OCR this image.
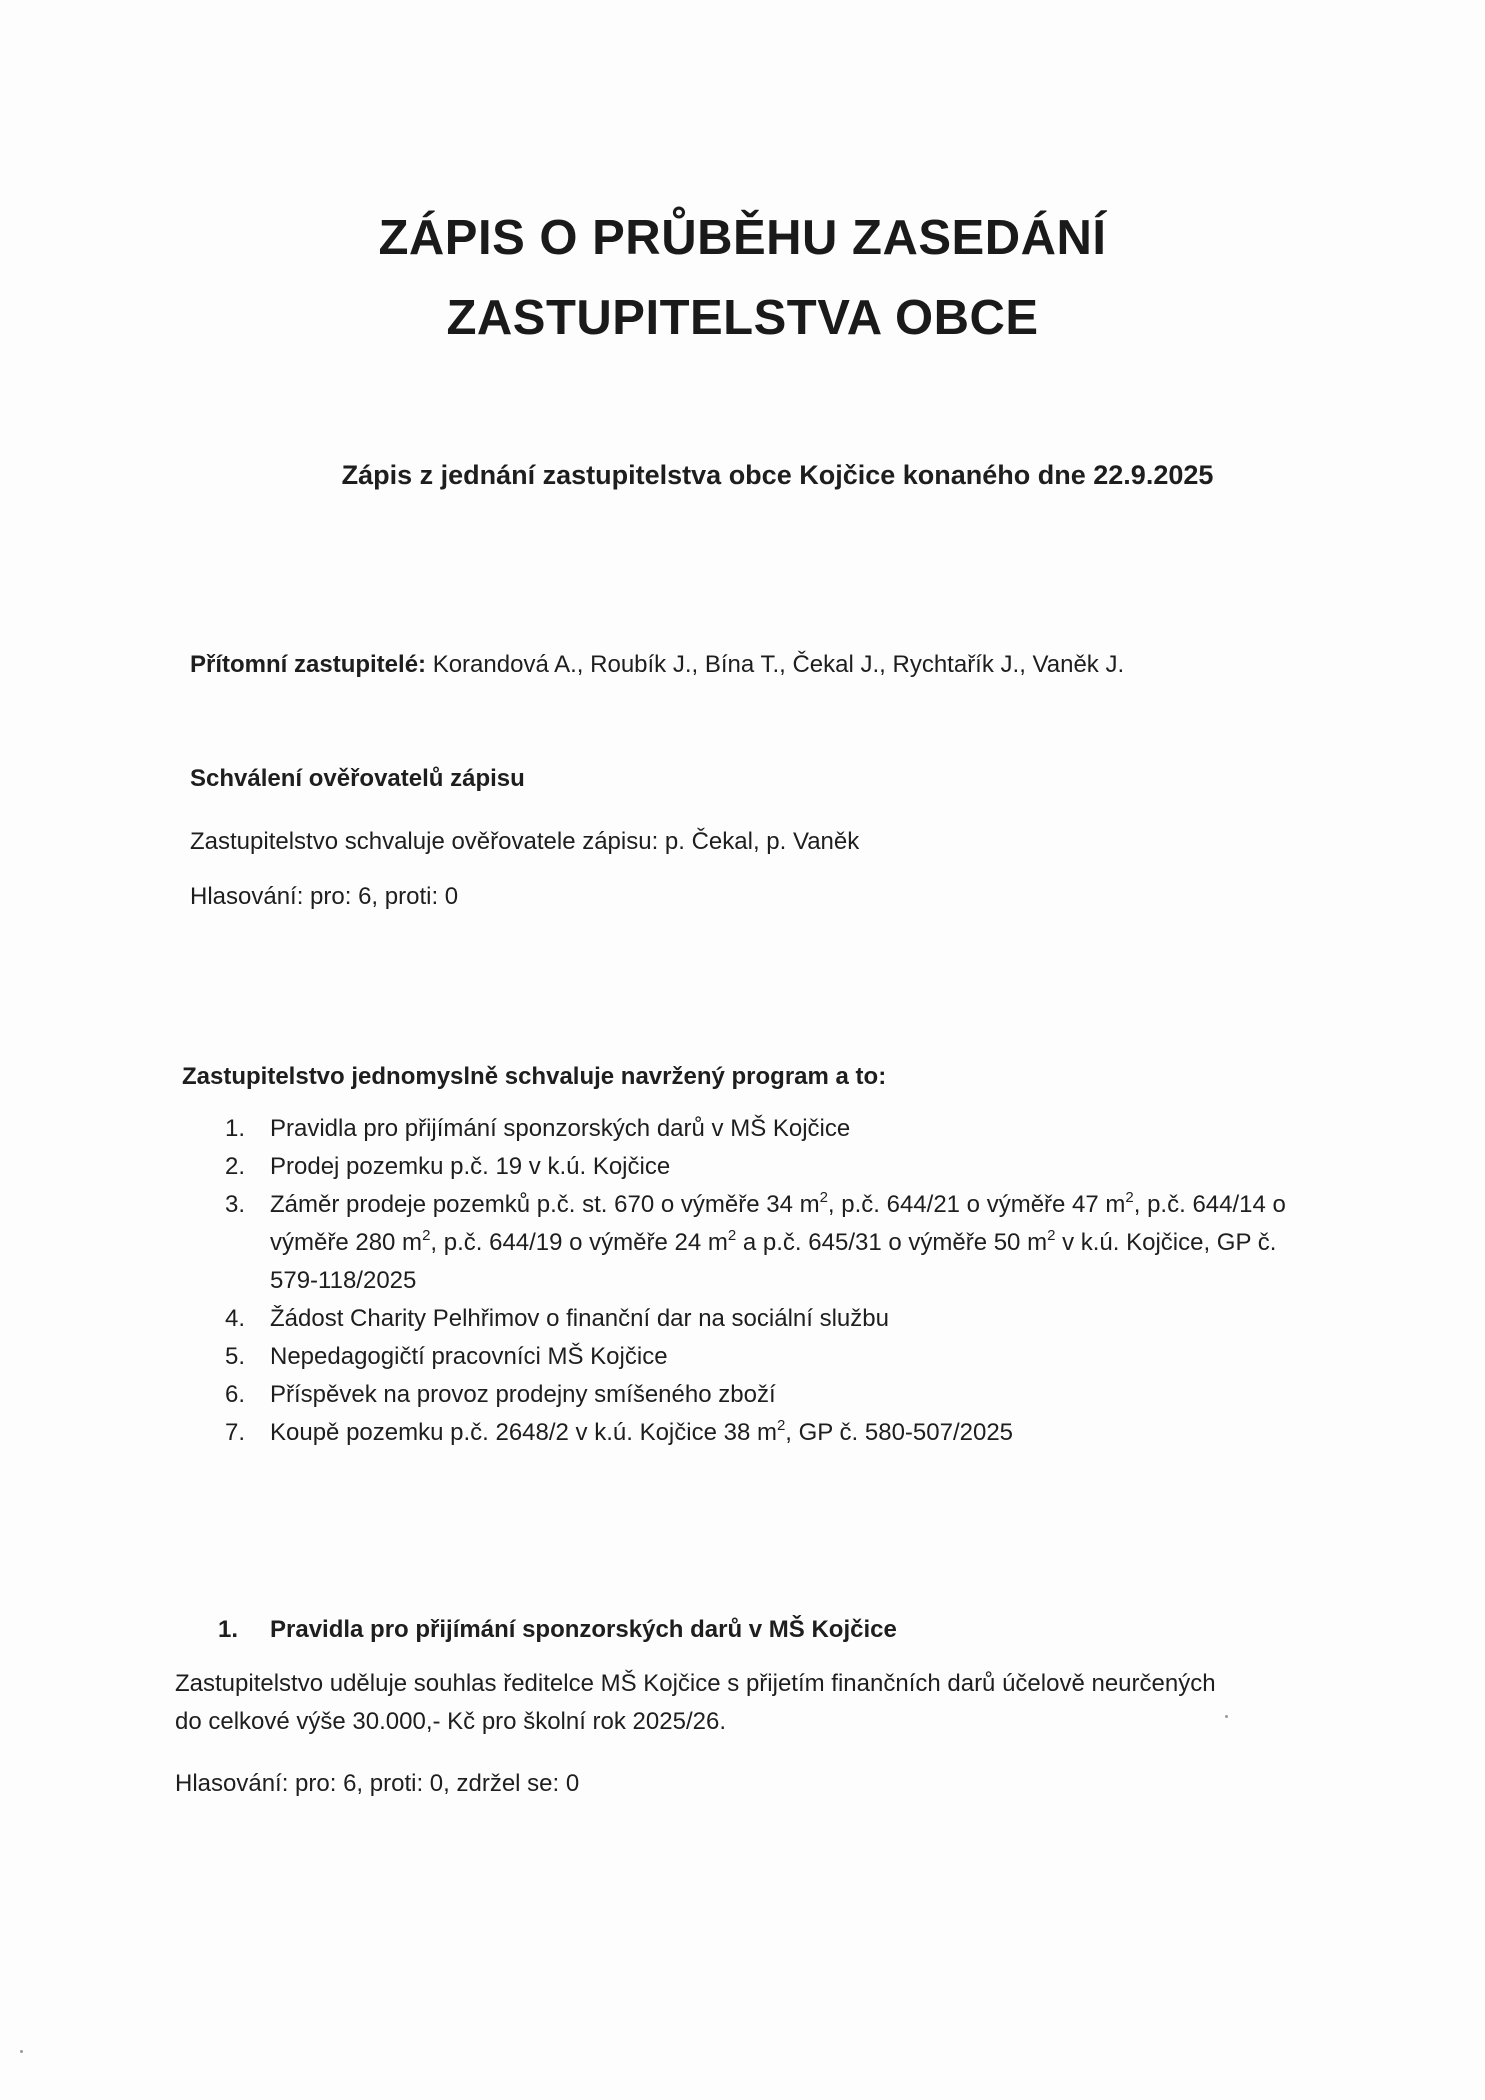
ZÁPIS O PRŮBĚHU ZASEDÁNÍ
ZASTUPITELSTVA OBCE
Zápis z jednání zastupitelstva obce Kojčice konaného dne 22.9.2025
Přítomní zastupitelé: Korandová A., Roubík J., Bína T., Čekal J., Rychtařík J., Vaněk J.
Schválení ověřovatelů zápisu
Zastupitelstvo schvaluje ověřovatele zápisu: p. Čekal, p. Vaněk
Hlasování: pro: 6, proti: 0
Zastupitelstvo jednomyslně schvaluje navržený program a to:
1.	Pravidla pro přijímání sponzorských darů v MŠ Kojčice
2.	Prodej pozemku p.č. 19 v k.ú. Kojčice
3.	Záměr prodeje pozemků p.č. st. 670 o výměře 34 $m^2$, p.č. 644/21 o výměře 47 $m^2$, p.č. 644/14 o výměře 280 $m^2$, p.č. 644/19 o výměře 24 $m^2$ a p.č. 645/31 o výměře 50 $m^2$ v k.ú. Kojčice, GP č. 579-118/2025
4.	Žádost Charity Pelhřimov o finanční dar na sociální službu
5.	Nepedagogičtí pracovníci MŠ Kojčice
6.	Příspěvek na provoz prodejny smíšeného zboží
7.	Koupě pozemku p.č. 2648/2 v k.ú. Kojčice 38 $m^2$, GP č. 580-507/2025
1. Pravidla pro přijímání sponzorských darů v MŠ Kojčice
Zastupitelstvo uděluje souhlas ředitelce MŠ Kojčice s přijetím finančních darů účelově neurčených do celkové výše 30.000,- Kč pro školní rok 2025/26.
Hlasování: pro: 6, proti: 0, zdržel se: 0
